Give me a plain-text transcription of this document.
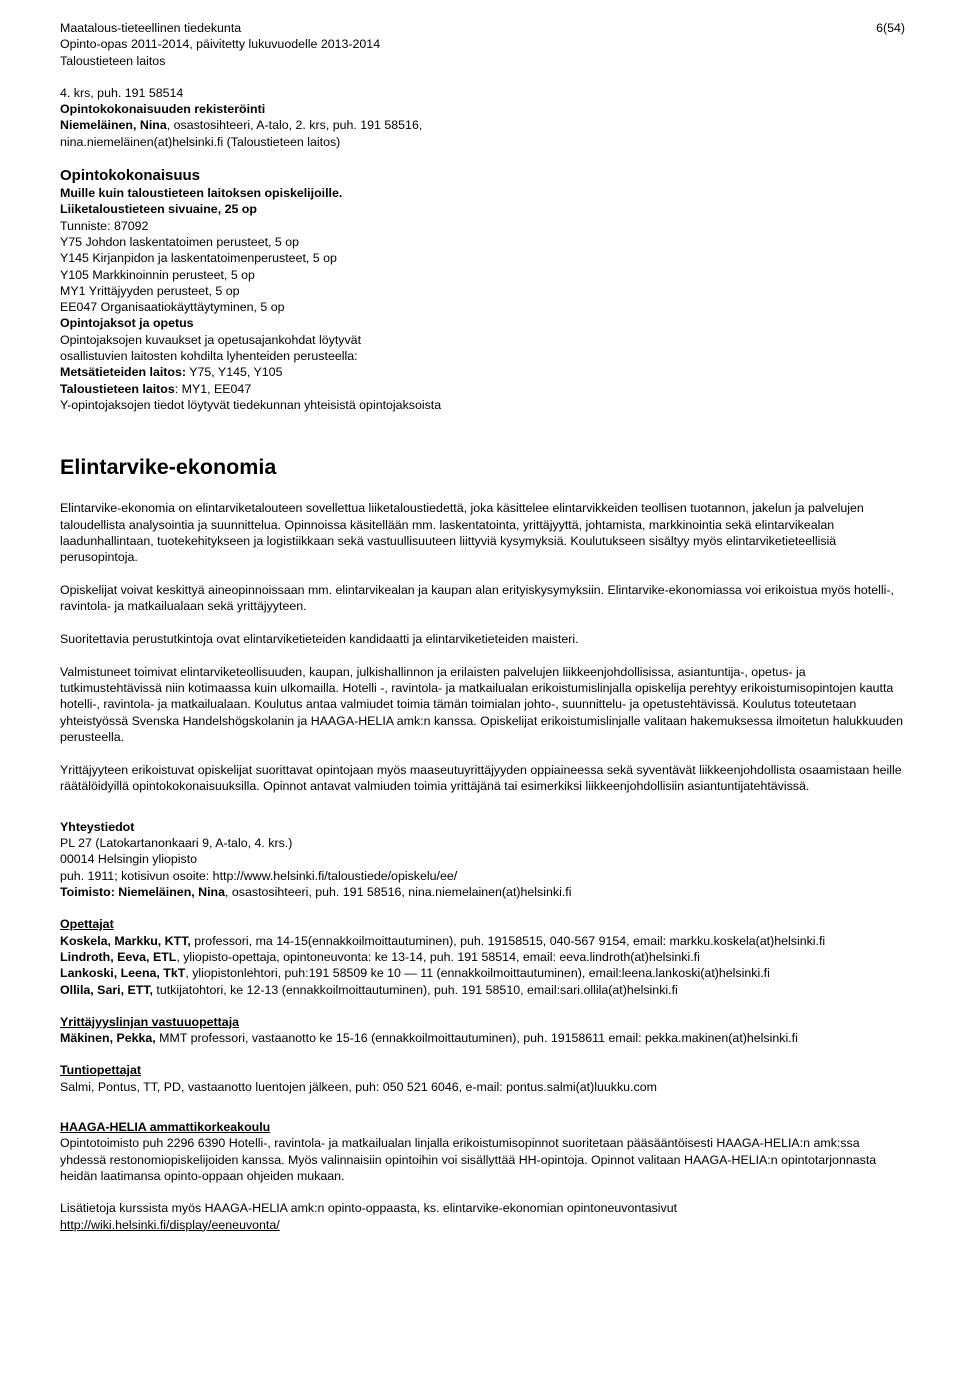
6(54)
Maatalous-tieteellinen tiedekunta
Opinto-opas 2011-2014, päivitetty lukuvuodelle 2013-2014
Taloustieteen laitos

4. krs, puh. 191 58514

Opintokokonaisuuden rekisteröinti

Niemeläinen, Nina, osastosihteeri, A-talo, 2. krs, puh. 191 58516,

nina.niemeläinen(at)helsinki.fi (Taloustieteen laitos)

Opintokokonaisuus

Muille kuin taloustieteen laitoksen opiskelijoille.

Liiketaloustieteen sivuaine, 25 op

Tunniste: 87092

Y75 Johdon laskentatoimen perusteet, 5 op

Y145 Kirjanpidon ja laskentatoimenperusteet, 5 op

Y105 Markkinoinnin perusteet, 5 op

MY1 Yrittäjyyden perusteet, 5 op

EE047 Organisaatiokäyttäytyminen, 5 op

Opintojaksot ja opetus

Opintojaksojen kuvaukset ja opetusajankohdat löytyvät

osallistuvien laitosten kohdilta lyhenteiden perusteella:

Metsätieteiden laitos: Y75, Y145, Y105

Taloustieteen laitos: MY1, EE047

Y-opintojaksojen tiedot löytyvät tiedekunnan yhteisistä opintojaksoista

Elintarvike-ekonomia

Elintarvike-ekonomia on elintarviketalouteen sovellettua liiketaloustiedettä, joka käsittelee elintarvikkeiden teollisen tuotannon, jakelun ja palvelujen taloudellista analysointia ja suunnittelua. Opinnoissa käsitellään mm. laskentatointa, yrittäjyyttä, johtamista, markkinointia sekä elintarvikealan laadunhallintaan, tuotekehitykseen ja logistiikkaan sekä vastuullisuuteen liittyviä kysymyksiä. Koulutukseen sisältyy myös elintarviketieteellisiä perusopintoja.

Opiskelijat voivat keskittyä aineopinnoissaan mm. elintarvikealan ja kaupan alan erityiskysymyksiin. Elintarvike-ekonomiassa voi erikoistua myös hotelli-, ravintola- ja matkailualaan sekä yrittäjyyteen.

Suoritettavia perustutkintoja ovat elintarviketieteiden kandidaatti ja elintarviketieteiden maisteri.

Valmistuneet toimivat elintarviketeollisuuden, kaupan, julkishallinnon ja erilaisten palvelujen liikkeenjohdollisissa, asiantuntija-, opetus- ja tutkimustehtävissä niin kotimaassa kuin ulkomailla. Hotelli -, ravintola- ja matkailualan erikoistumislinjalla opiskelija perehtyy erikoistumisopintojen kautta hotelli-, ravintola- ja matkailualaan. Koulutus antaa valmiudet toimia tämän toimialan johto-, suunnittelu- ja opetustehtävissä. Koulutus toteutetaan yhteistyössä Svenska Handelshögskolanin ja HAAGA-HELIA amk:n kanssa. Opiskelijat erikoistumislinjalle valitaan hakemuksessa ilmoitetun halukkuuden perusteella.

Yrittäjyyteen erikoistuvat opiskelijat suorittavat opintojaan myös maaseutuyrittäjyyden oppiaineessa sekä syventävät liikkeenjohdollista osaamistaan heille räätälöidyillä opintokokonaisuuksilla. Opinnot antavat valmiuden toimia yrittäjänä tai esimerkiksi liikkeenjohdollisiin asiantuntijatehtävissä.

Yhteystiedot

PL 27 (Latokartanonkaari 9, A-talo, 4. krs.)

00014 Helsingin yliopisto

puh. 1911; kotisivun osoite: http://www.helsinki.fi/taloustiede/opiskelu/ee/

Toimisto: Niemeläinen, Nina, osastosihteeri, puh. 191 58516, nina.niemelainen(at)helsinki.fi

Opettajat

Koskela, Markku, KTT, professori, ma 14-15(ennakkoilmoittautuminen), puh. 19158515, 040-567 9154, email: markku.koskela(at)helsinki.fi

Lindroth, Eeva, ETL, yliopisto-opettaja, opintoneuvonta: ke 13-14, puh. 191 58514, email: eeva.lindroth(at)helsinki.fi

Lankoski, Leena, TkT, yliopistonlehtori, puh:191 58509 ke 10 — 11 (ennakkoilmoittautuminen), email:leena.lankoski(at)helsinki.fi

Ollila, Sari, ETT, tutkijatohtori, ke 12-13 (ennakkoilmoittautuminen), puh. 191 58510, email:sari.ollila(at)helsinki.fi

Yrittäjyyslinjan vastuuopettaja

Mäkinen, Pekka, MMT professori, vastaanotto ke 15-16 (ennakkoilmoittautuminen), puh. 19158611 email: pekka.makinen(at)helsinki.fi

Tuntiopettajat

Salmi, Pontus, TT, PD, vastaanotto luentojen jälkeen, puh: 050 521 6046, e-mail: pontus.salmi(at)luukku.com

HAAGA-HELIA ammattikorkeakoulu

Opintotoimisto puh 2296 6390 Hotelli-, ravintola- ja matkailualan linjalla erikoistumisopinnot suoritetaan pääsääntöisesti HAAGA-HELIA:n amk:ssa yhdessä restonomiopiskelijoiden kanssa. Myös valinnaisiin opintoihin voi sisällyttää HH-opintoja. Opinnot valitaan HAAGA-HELIA:n opintotarjonnasta heidän laatimansa opinto-oppaan ohjeiden mukaan.

Lisätietoja kurssista myös HAAGA-HELIA amk:n opinto-oppaasta, ks. elintarvike-ekonomian opintoneuvontasivut

http://wiki.helsinki.fi/display/eeneuvonta/
